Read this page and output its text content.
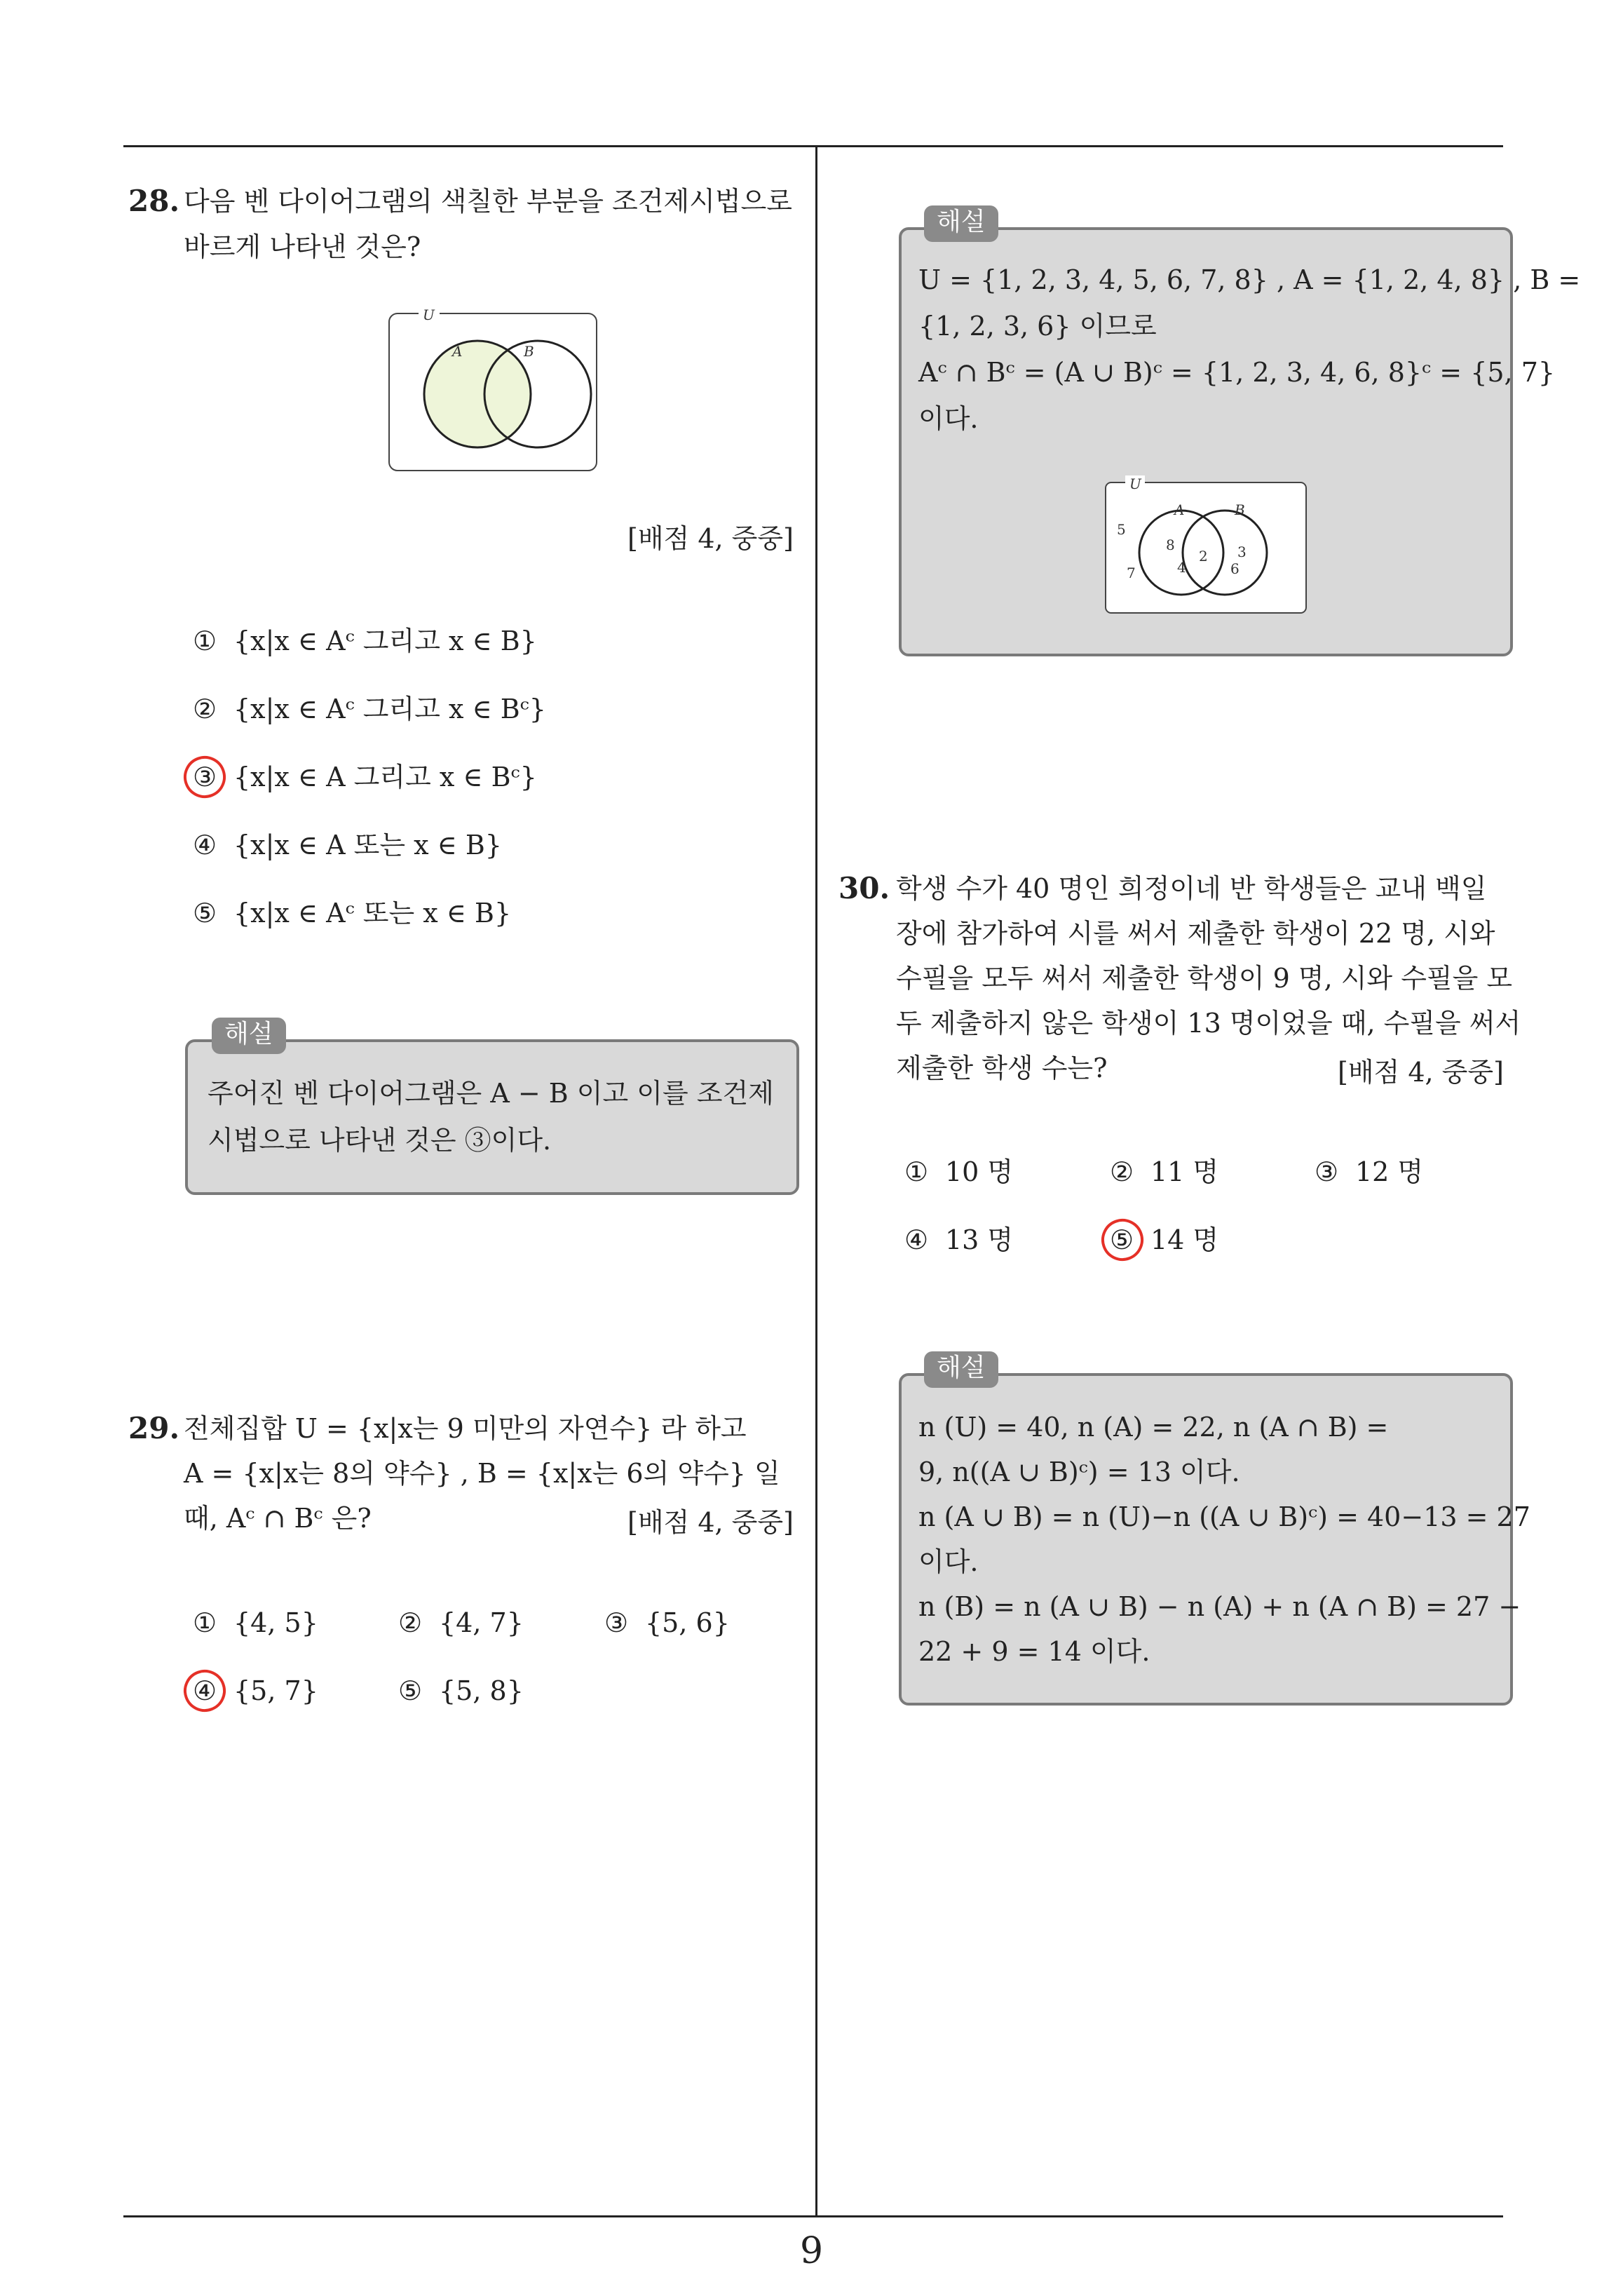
28. 다음 벤 다이어그램의 색칠한 부분을 조건제시법으로
바르게 나타낸 것은?
U
A	B
[배점 4, 중중]
① {x|x ∈ Aᶜ 그리고 x ∈ B}
② {x|x ∈ Aᶜ 그리고 x ∈ Bᶜ}
③ {x|x ∈ A 그리고 x ∈ Bᶜ}
④ {x|x ∈ A 또는 x ∈ B}
⑤ {x|x ∈ Aᶜ 또는 x ∈ B}
해설
주어진 벤 다이어그램은 A − B 이고 이를 조건제
시법으로 나타낸 것은 ③이다.
29. 전체집합 U = {x|x는 9 미만의 자연수} 라 하고
A = {x|x는 8의 약수} , B = {x|x는 6의 약수} 일
때, Aᶜ ∩ Bᶜ 은?	[배점 4, 중중]
① {4, 5}	② {4, 7}	③ {5, 6}
④ {5, 7}	⑤ {5, 8}
해설
U = {1, 2, 3, 4, 5, 6, 7, 8} , A = {1, 2, 4, 8} , B =
{1, 2, 3, 6} 이므로
Aᶜ ∩ Bᶜ = (A ∪ B)ᶜ = {1, 2, 3, 4, 6, 8}ᶜ = {5, 7}
이다.
U
A	B
5
7
8
4
2 3
6
30. 학생 수가 40 명인 희정이네 반 학생들은 교내 백일
장에 참가하여 시를 써서 제출한 학생이 22 명, 시와
수필을 모두 써서 제출한 학생이 9 명, 시와 수필을 모
두 제출하지 않은 학생이 13 명이었을 때, 수필을 써서
제출한 학생 수는?	[배점 4, 중중]
① 10 명	② 11 명	③ 12 명
④ 13 명	⑤ 14 명
해설
n (U) = 40, n (A) = 22, n (A ∩ B) =
9, n((A ∪ B)ᶜ) = 13 이다.
n (A ∪ B) = n (U)−n ((A ∪ B)ᶜ) = 40−13 = 27
이다.
n (B) = n (A ∪ B) − n (A) + n (A ∩ B) = 27 −
22 + 9 = 14 이다.
9
